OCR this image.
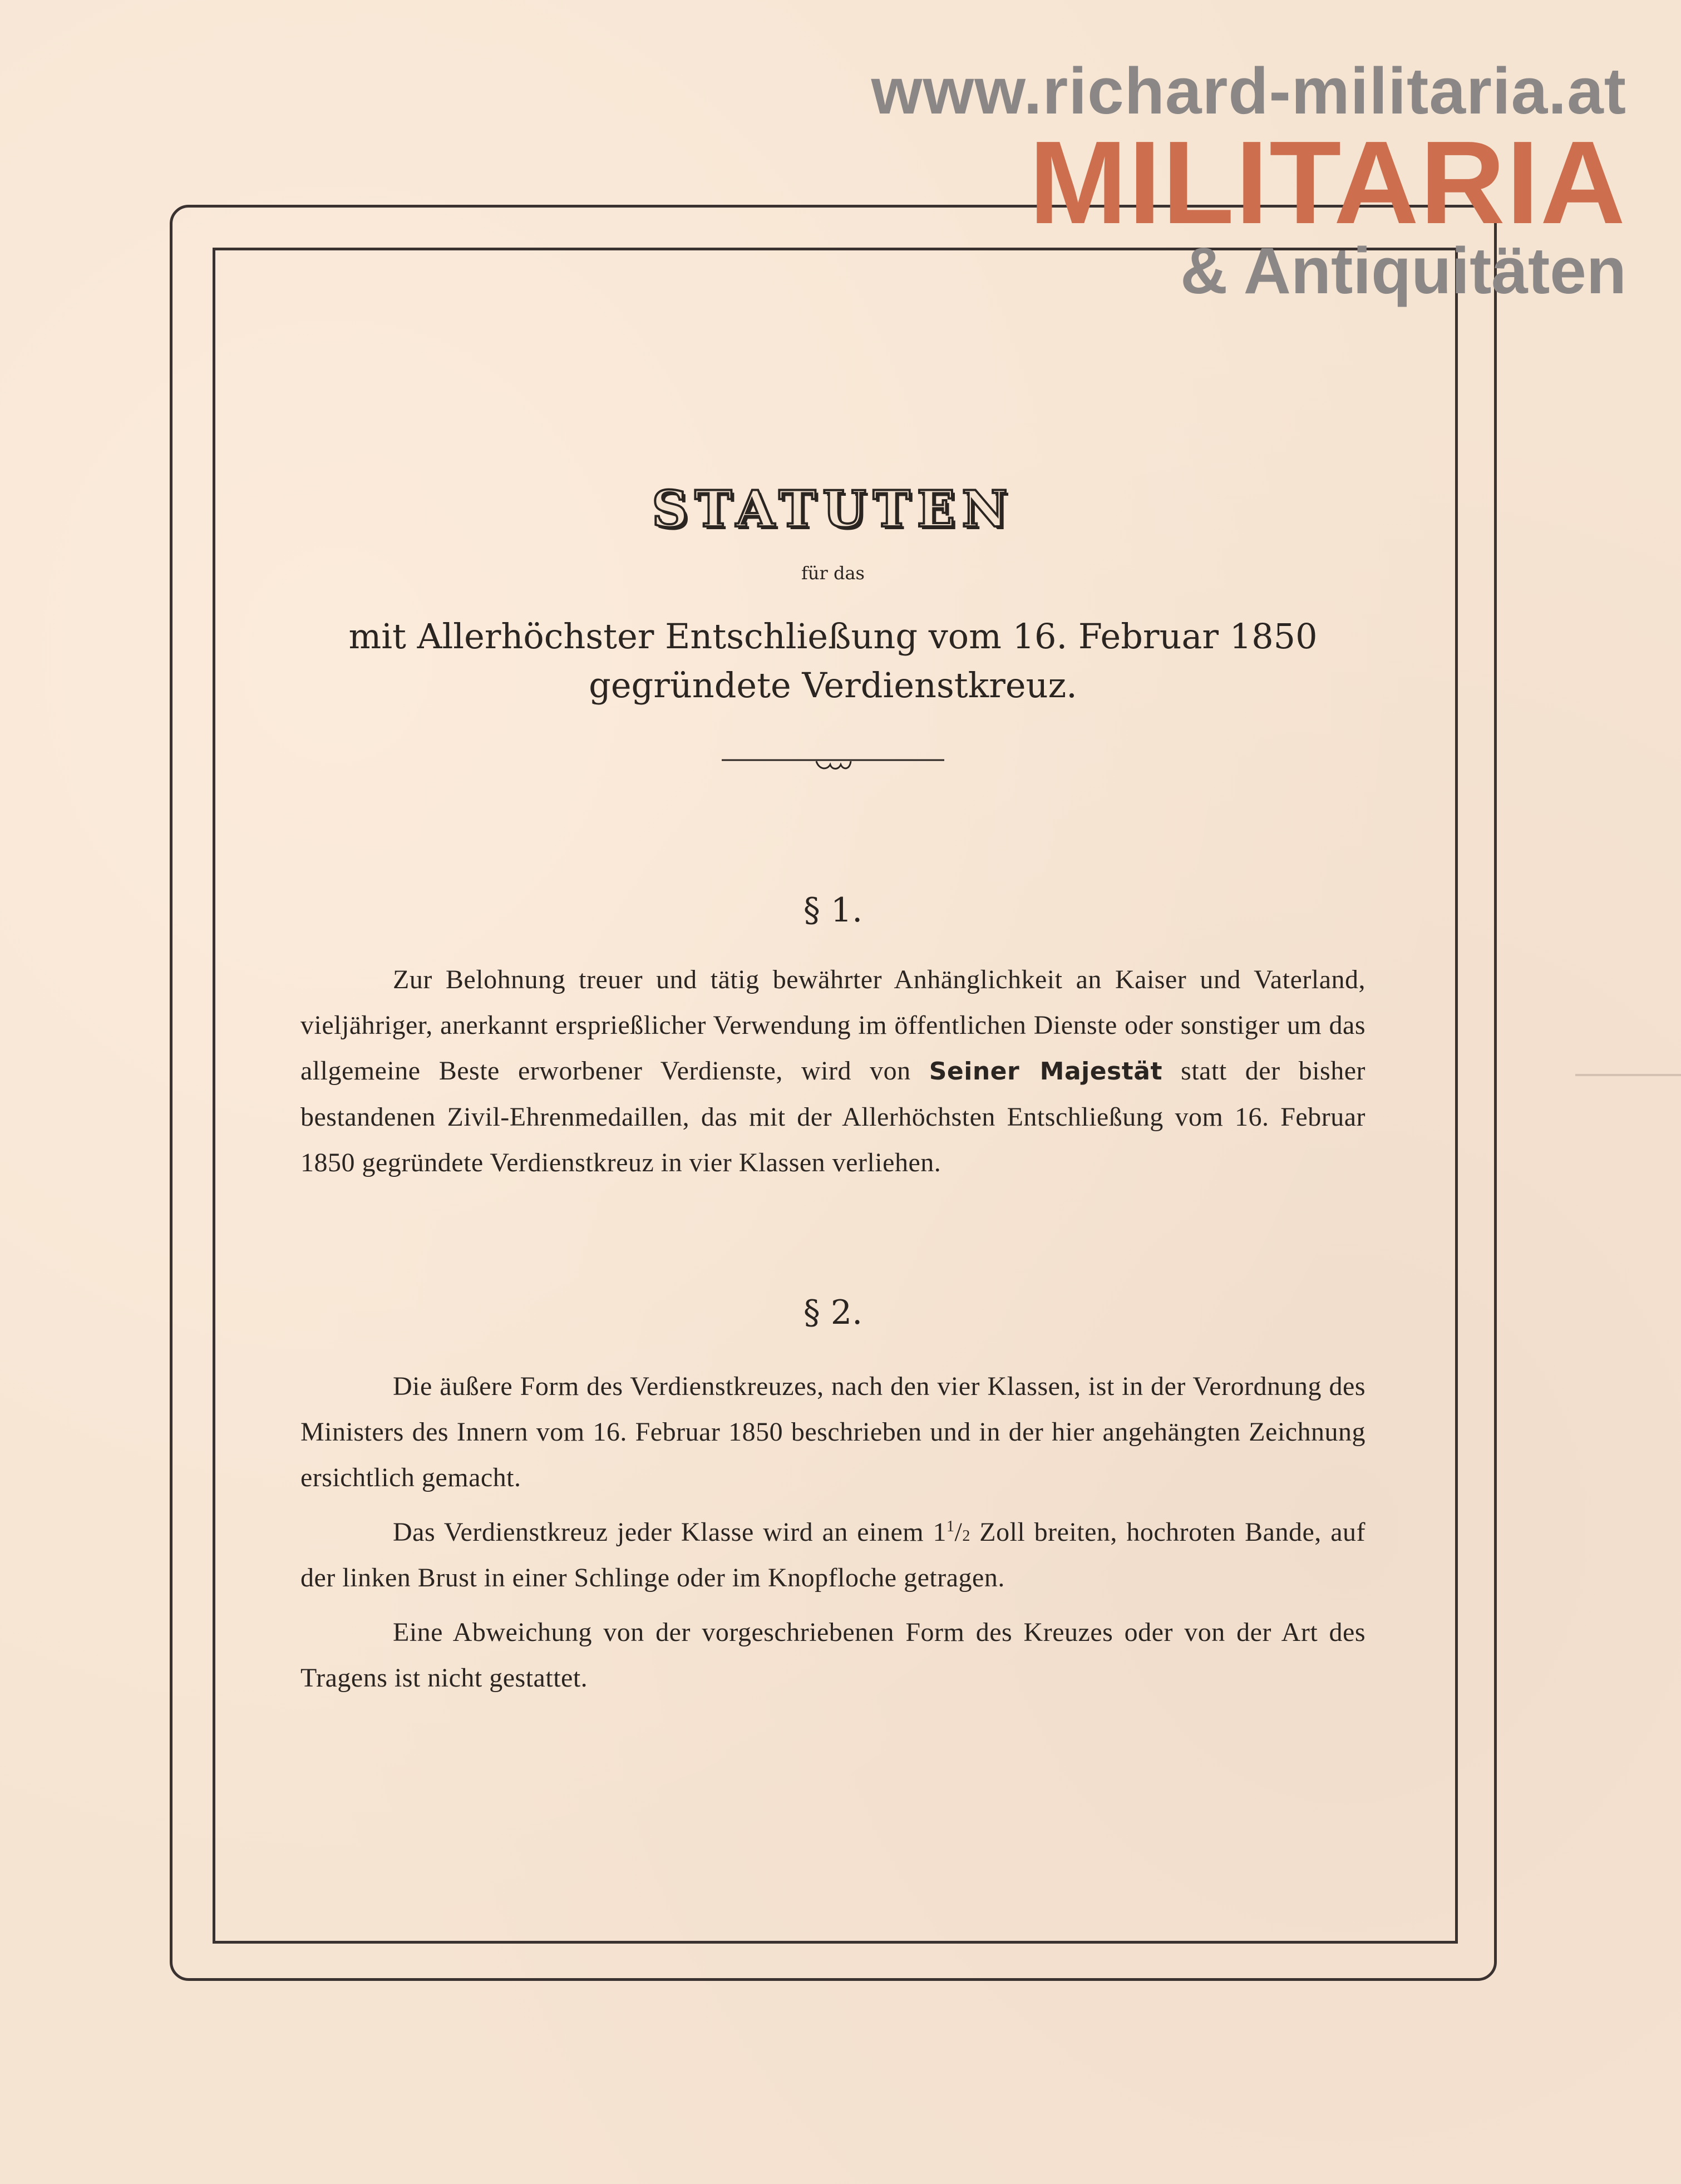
www.richard-militaria.at
MILITARIA
& Antiquitäten
STATUTEN
für das
mit Allerhöchster Entschließung vom 16. Februar 1850
gegründete Verdienstkreuz.
§ 1.

Zur Belohnung treuer und tätig bewährter Anhänglichkeit an Kaiser und Vaterland, vieljähriger, anerkannt ersprießlicher Verwendung im öffentlichen Dienste oder sonstiger um das allgemeine Beste erworbener Verdienste, wird von Seiner Majestät statt der bisher bestandenen Zivil-Ehrenmedaillen, das mit der Allerhöchsten Entschließung vom 16. Februar 1850 gegründete Verdienstkreuz in vier Klassen verliehen.

§ 2.

Die äußere Form des Verdienstkreuzes, nach den vier Klassen, ist in der Verordnung des Ministers des Innern vom 16. Februar 1850 beschrieben und in der hier angehängten Zeichnung ersichtlich gemacht.

Das Verdienstkreuz jeder Klasse wird an einem $1^1/2$ Zoll breiten, hochroten Bande, auf der linken Brust in einer Schlinge oder im Knopfloche getragen.

Eine Abweichung von der vorgeschriebenen Form des Kreuzes oder von der Art des Tragens ist nicht gestattet.
